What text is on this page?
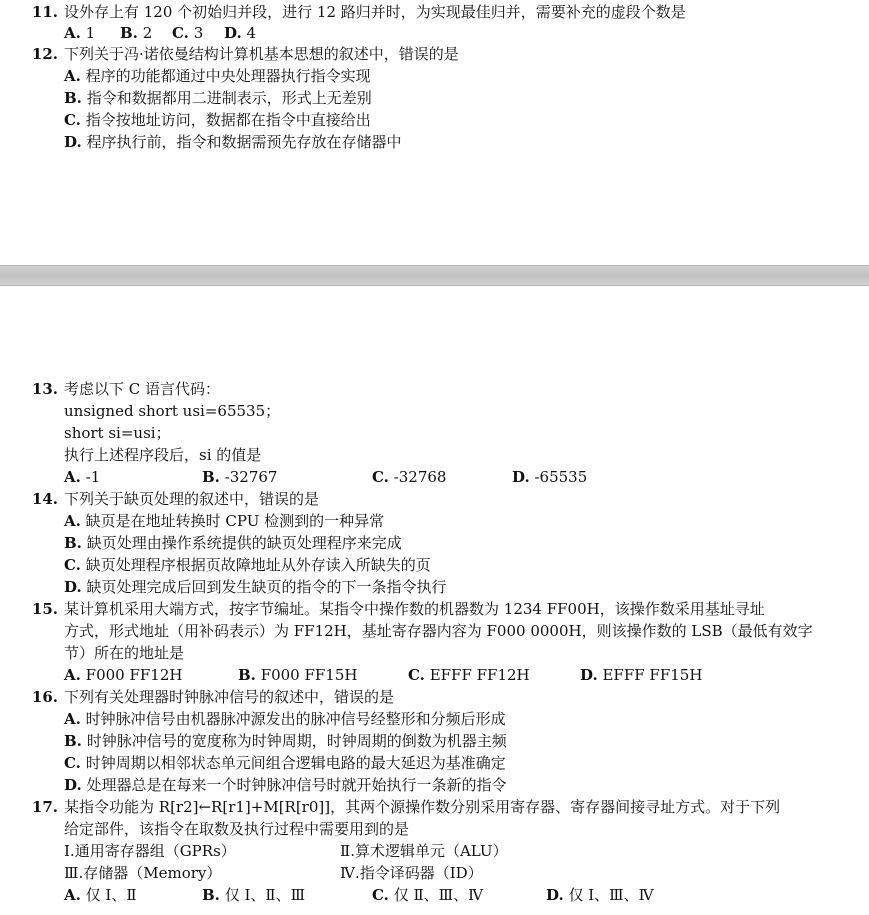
11. 设外存上有 120 个初始归并段，进行 12 路归并时，为实现最佳归并，需要补充的虚段个数是
A. 1 B. 2 C. 3 D. 4
12. 下列关于冯·诺依曼结构计算机基本思想的叙述中，错误的是
A. 程序的功能都通过中央处理器执行指令实现
B. 指令和数据都用二进制表示，形式上无差别
C. 指令按地址访问，数据都在指令中直接给出
D. 程序执行前，指令和数据需预先存放在存储器中
13. 考虑以下 C 语言代码：
unsigned short usi=65535；
short si=usi；
执行上述程序段后，si 的值是
A. -1	B. -32767	C. -32768	D. -65535
14. 下列关于缺页处理的叙述中，错误的是
A. 缺页是在地址转换时 CPU 检测到的一种异常
B. 缺页处理由操作系统提供的缺页处理程序来完成
C. 缺页处理程序根据页故障地址从外存读入所缺失的页
D. 缺页处理完成后回到发生缺页的指令的下一条指令执行
15. 某计算机采用大端方式，按字节编址。某指令中操作数的机器数为 1234 FF00H，该操作数采用基址寻址
方式，形式地址（用补码表示）为 FF12H，基址寄存器内容为 F000 0000H，则该操作数的 LSB（最低有效字
节）所在的地址是
A. F000 FF12H	B. F000 FF15H	C. EFFF FF12H	D. EFFF FF15H
16. 下列有关处理器时钟脉冲信号的叙述中，错误的是
A. 时钟脉冲信号由机器脉冲源发出的脉冲信号经整形和分频后形成
B. 时钟脉冲信号的宽度称为时钟周期，时钟周期的倒数为机器主频
C. 时钟周期以相邻状态单元间组合逻辑电路的最大延迟为基准确定
D. 处理器总是在每来一个时钟脉冲信号时就开始执行一条新的指令
17. 某指令功能为 R[r2]←R[r1]+M[R[r0]]，其两个源操作数分别采用寄存器、寄存器间接寻址方式。对于下列
给定部件，该指令在取数及执行过程中需要用到的是
Ⅰ.通用寄存器组（GPRs）	Ⅱ.算术逻辑单元（ALU）
Ⅲ.存储器（Memory）	Ⅳ.指令译码器（ID）
A. 仅 Ⅰ、Ⅱ	B. 仅 Ⅰ、Ⅱ、Ⅲ	C. 仅 Ⅱ、Ⅲ、Ⅳ	D. 仅 Ⅰ、Ⅲ、Ⅳ
